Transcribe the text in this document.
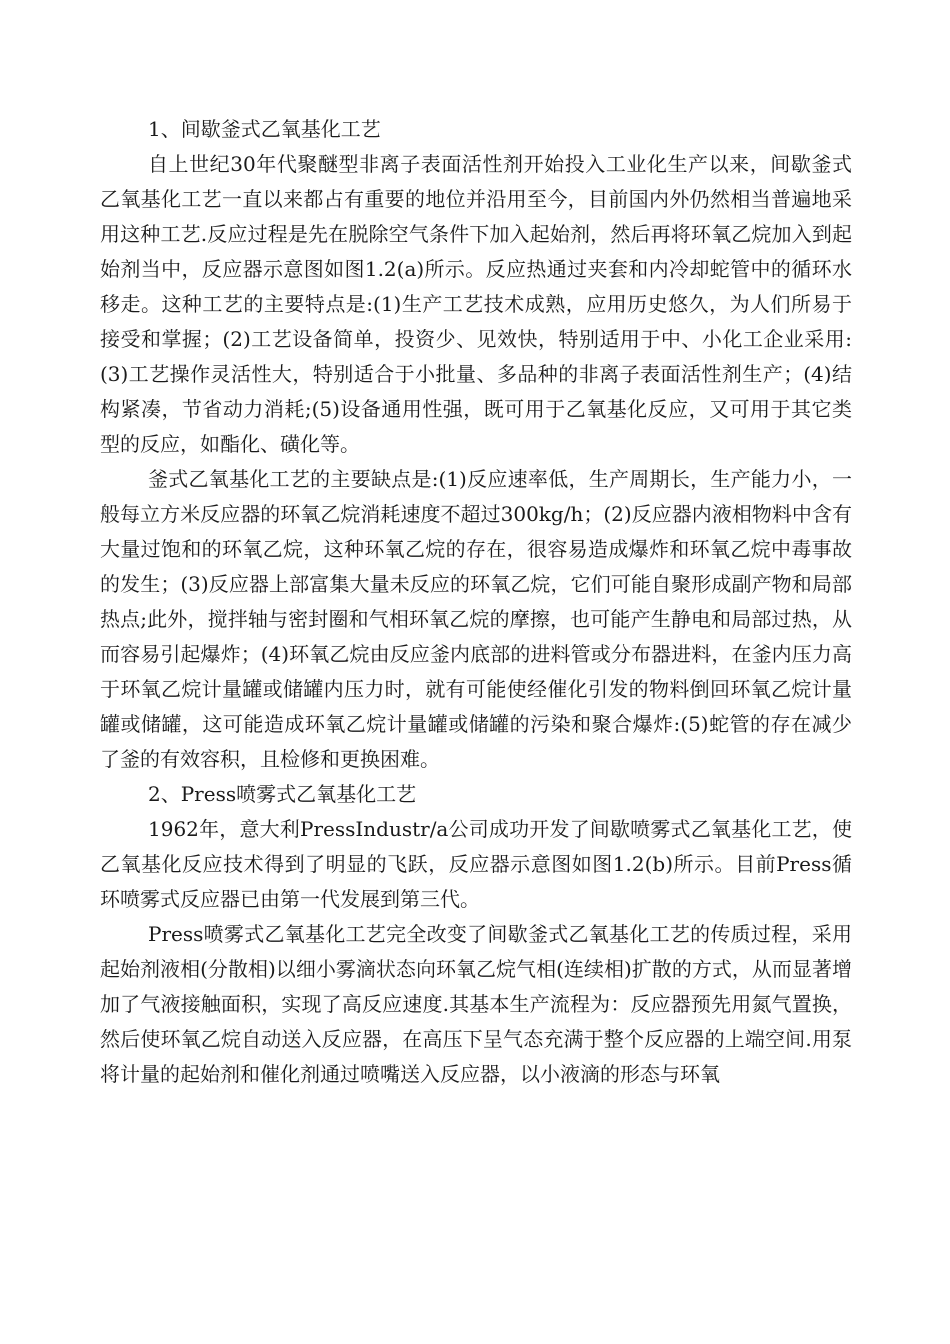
1、间歇釜式乙氧基化工艺

自上世纪30年代聚醚型非离子表面活性剂开始投入工业化生产以来，间歇釜式乙氧基化工艺一直以来都占有重要的地位并沿用至今，目前国内外仍然相当普遍地采用这种工艺.反应过程是先在脱除空气条件下加入起始剂，然后再将环氧乙烷加入到起始剂当中，反应器示意图如图1.2(a)所示。反应热通过夹套和内冷却蛇管中的循环水移走。这种工艺的主要特点是:(1)生产工艺技术成熟，应用历史悠久，为人们所易于接受和掌握；(2)工艺设备简单，投资少、见效快，特别适用于中、小化工企业采用:(3)工艺操作灵活性大，特别适合于小批量、多品种的非离子表面活性剂生产；(4)结构紧凑，节省动力消耗;(5)设备通用性强，既可用于乙氧基化反应，又可用于其它类型的反应，如酯化、磺化等。

釜式乙氧基化工艺的主要缺点是:(1)反应速率低，生产周期长，生产能力小，一般每立方米反应器的环氧乙烷消耗速度不超过300kg/h；(2)反应器内液相物料中含有大量过饱和的环氧乙烷，这种环氧乙烷的存在，很容易造成爆炸和环氧乙烷中毒事故的发生；(3)反应器上部富集大量未反应的环氧乙烷，它们可能自聚形成副产物和局部热点;此外，搅拌轴与密封圈和气相环氧乙烷的摩擦，也可能产生静电和局部过热，从而容易引起爆炸；(4)环氧乙烷由反应釜内底部的进料管或分布器进料，在釜内压力高于环氧乙烷计量罐或储罐内压力时，就有可能使经催化引发的物料倒回环氧乙烷计量罐或储罐，这可能造成环氧乙烷计量罐或储罐的污染和聚合爆炸:(5)蛇管的存在减少了釜的有效容积，且检修和更换困难。

2、Press喷雾式乙氧基化工艺

1962年，意大利PressIndustr/a公司成功开发了间歇喷雾式乙氧基化工艺，使乙氧基化反应技术得到了明显的飞跃，反应器示意图如图1.2(b)所示。目前Press循环喷雾式反应器已由第一代发展到第三代。

Press喷雾式乙氧基化工艺完全改变了间歇釜式乙氧基化工艺的传质过程，采用起始剂液相(分散相)以细小雾滴状态向环氧乙烷气相(连续相)扩散的方式，从而显著增加了气液接触面积，实现了高反应速度.其基本生产流程为：反应器预先用氮气置换，然后使环氧乙烷自动送入反应器，在高压下呈气态充满于整个反应器的上端空间.用泵将计量的起始剂和催化剂通过喷嘴送入反应器，以小液滴的形态与环氧
